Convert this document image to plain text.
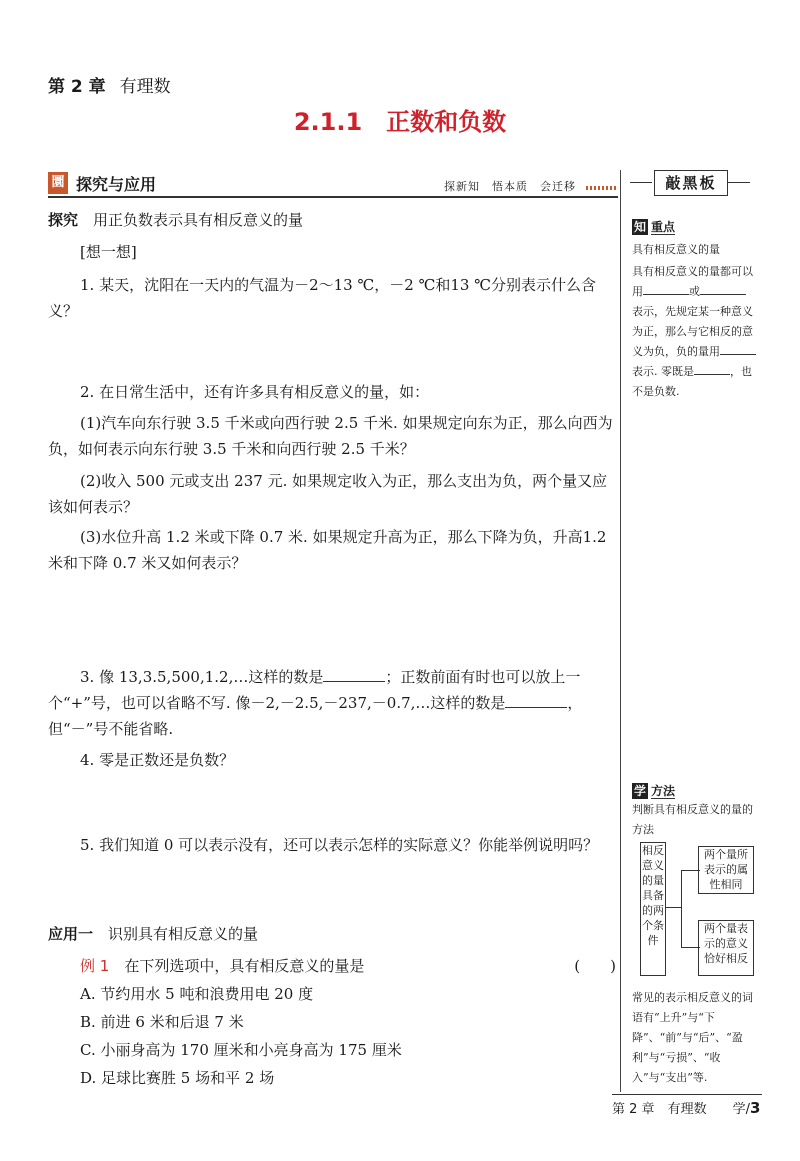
第 2 章 有理数
2.1.1 正数和负数
圜 探究与应用	探新知　悟本质　会迁移
探究　 用正负数表示具有相反意义的量
[想一想]
1. 某天，沈阳在一天内的气温为－2～13 ℃，－2 ℃和13 ℃分别表示什么含义？
2. 在日常生活中，还有许多具有相反意义的量，如：
(1)汽车向东行驶 3.5 千米或向西行驶 2.5 千米. 如果规定向东为正，那么向西为负，如何表示向东行驶 3.5 千米和向西行驶 2.5 千米？
(2)收入 500 元或支出 237 元. 如果规定收入为正，那么支出为负，两个量又应该如何表示？
(3)水位升高 1.2 米或下降 0.7 米. 如果规定升高为正，那么下降为负，升高1.2 米和下降 0.7 米又如何表示？
3. 像 13,3.5,500,1.2,…这样的数是	；正数前面有时也可以放上一个“+”号，也可以省略不写. 像－2,－2.5,－237,－0.7,…这样的数是	，但“－”号不能省略.
4. 零是正数还是负数？
5. 我们知道 0 可以表示没有，还可以表示怎样的实际意义？你能举例说明吗？
应用一　 识别具有相反意义的量
例 1　 在下列选项中，具有相反意义的量是	(　　)
A. 节约用水 5 吨和浪费用电 20 度
B. 前进 6 米和后退 7 米
C. 小丽身高为 170 厘米和小亮身高为 175 厘米
D. 足球比赛胜 5 场和平 2 场
敲黑板
知 重点
具有相反意义的量
具有相反意义的量都可以用	或表示，先规定某一种意义为正，那么与它相反的意义为负，负的量用表示. 零既是	，也不是负数.
学 方法
判断具有相反意义的量的方法
相反意义的量具备的两个条件
两个量所表示的属性相同
两个量表示的意义恰好相反
常见的表示相反意义的词语有“上升”与“下降”、“前”与“后”、“盈利”与“亏损”、“收入”与“支出”等.
第 2 章　 有理数　　 学/3
